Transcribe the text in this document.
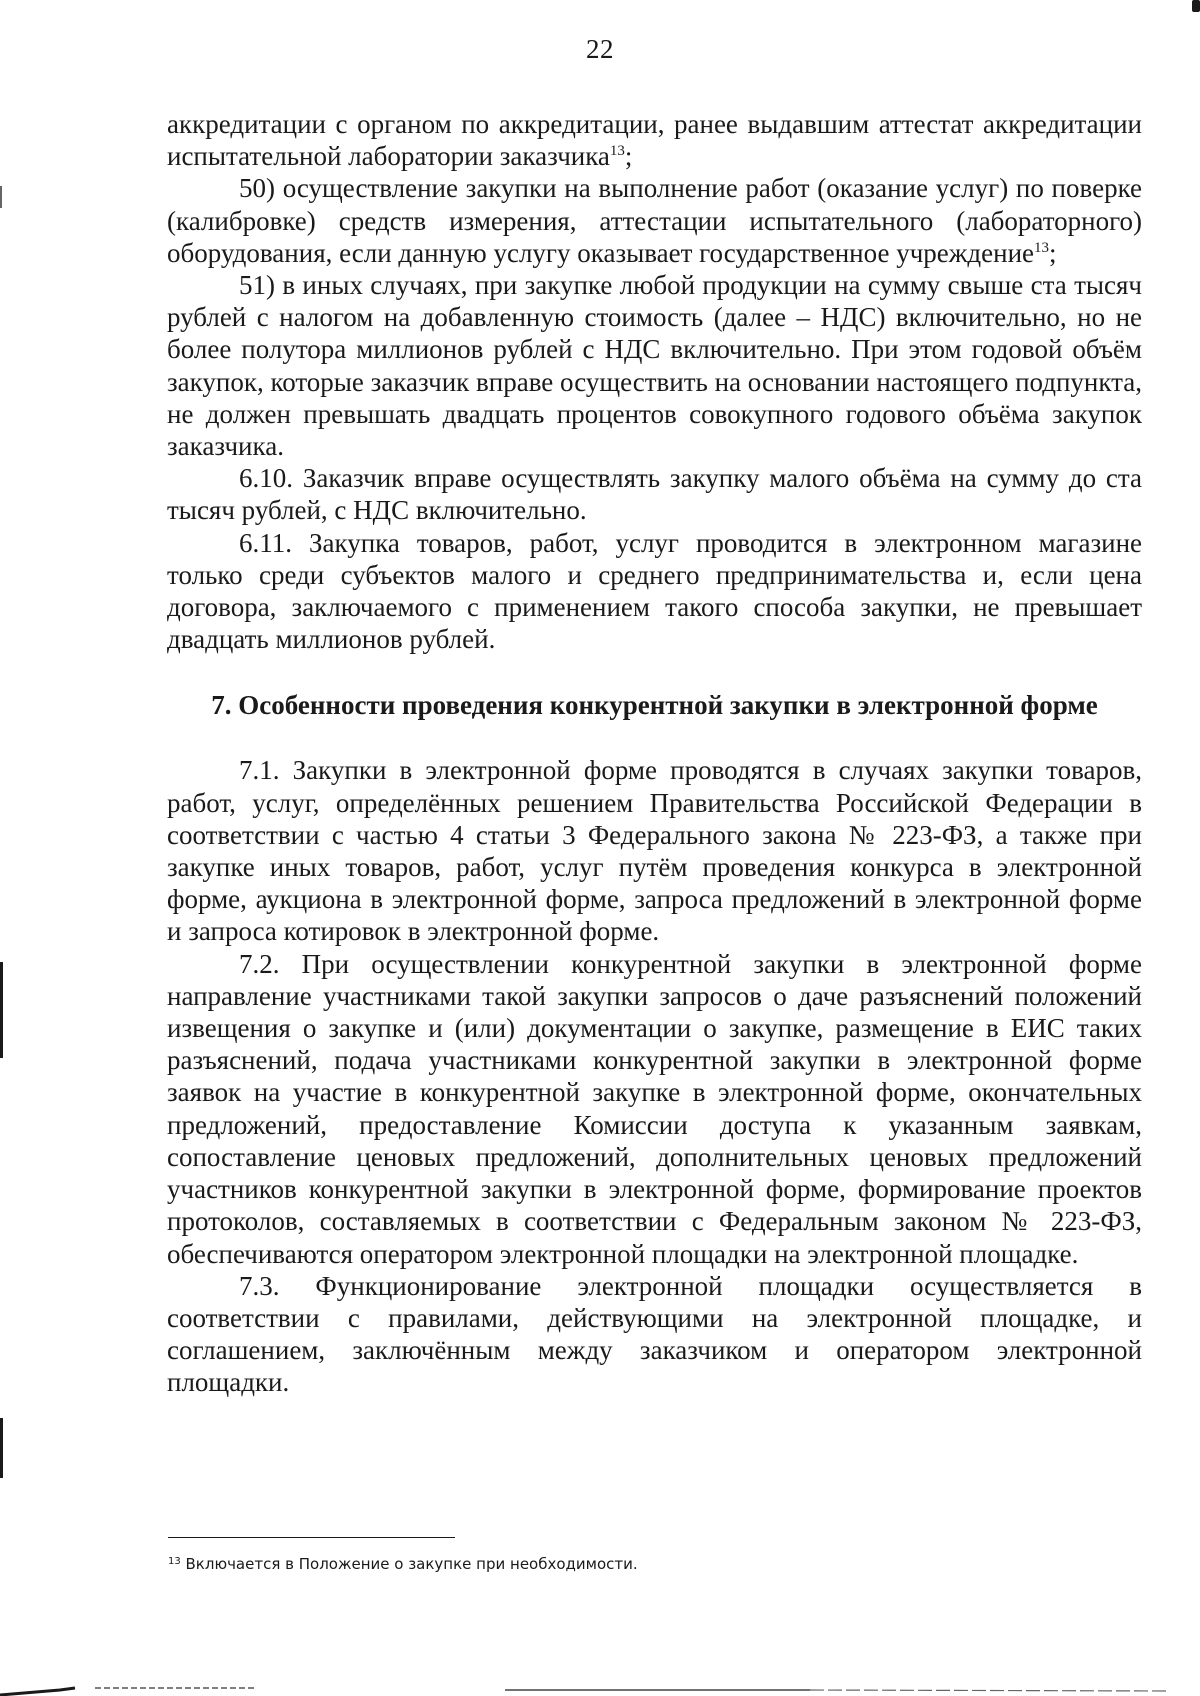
22

аккредитации с органом по аккредитации, ранее выдавшим аттестат аккредитации испытательной лаборатории заказчика$^{13}$;

50) осуществление закупки на выполнение работ (оказание услуг) по поверке (калибровке) средств измерения, аттестации испытательного (лабораторного) оборудования, если данную услугу оказывает государственное учреждение$^{13}$;

51) в иных случаях, при закупке любой продукции на сумму свыше ста тысяч рублей с налогом на добавленную стоимость (далее – НДС) включительно, но не более полутора миллионов рублей с НДС включительно. При этом годовой объём закупок, которые заказчик вправе осуществить на основании настоящего подпункта, не должен превышать двадцать процентов совокупного годового объёма закупок заказчика.

6.10. Заказчик вправе осуществлять закупку малого объёма на сумму до ста тысяч рублей, с НДС включительно.

6.11. Закупка товаров, работ, услуг проводится в электронном магазине только среди субъектов малого и среднего предпринимательства и, если цена договора, заключаемого с применением такого способа закупки, не превышает двадцать миллионов рублей.

7. Особенности проведения конкурентной закупки в электронной форме

7.1. Закупки в электронной форме проводятся в случаях закупки товаров, работ, услуг, определённых решением Правительства Российской Федерации в соответствии с частью 4 статьи 3 Федерального закона № 223-ФЗ, а также при закупке иных товаров, работ, услуг путём проведения конкурса в электронной форме, аукциона в электронной форме, запроса предложений в электронной форме и запроса котировок в электронной форме.

7.2. При осуществлении конкурентной закупки в электронной форме направление участниками такой закупки запросов о даче разъяснений положений извещения о закупке и (или) документации о закупке, размещение в ЕИС таких разъяснений, подача участниками конкурентной закупки в электронной форме заявок на участие в конкурентной закупке в электронной форме, окончательных предложений, предоставление Комиссии доступа к указанным заявкам, сопоставление ценовых предложений, дополнительных ценовых предложений участников конкурентной закупки в электронной форме, формирование проектов протоколов, составляемых в соответствии с Федеральным законом № 223-ФЗ, обеспечиваются оператором электронной площадки на электронной площадке.

7.3. Функционирование электронной площадки осуществляется в соответствии с правилами, действующими на электронной площадке, и соглашением, заключённым между заказчиком и оператором электронной площадки.

$^{13}$ Включается в Положение о закупке при необходимости.
